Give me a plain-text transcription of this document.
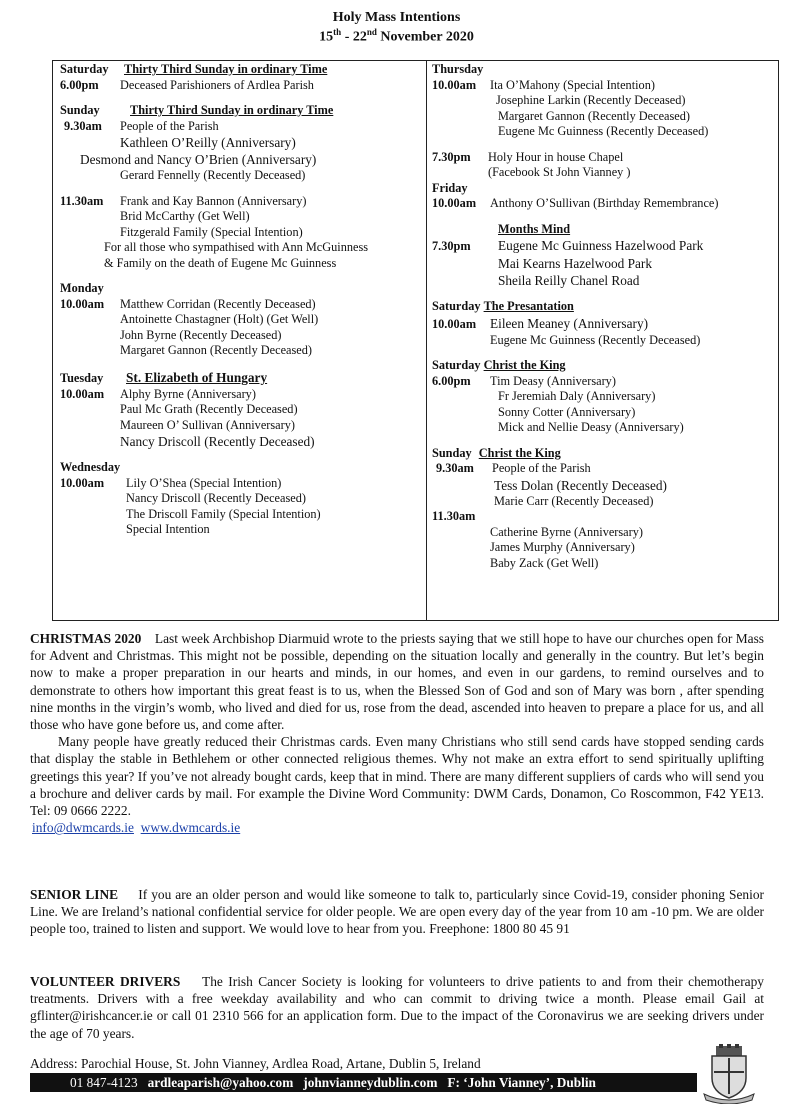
Holy Mass Intentions
15th - 22nd November 2020
Saturday Thirty Third Sunday in ordinary Time
6.00pm Deceased Parishioners of Ardlea Parish
Sunday Thirty Third Sunday in ordinary Time
9.30am People of the Parish
Kathleen O’Reilly (Anniversary)
Desmond and Nancy O’Brien (Anniversary)
Gerard Fennelly (Recently Deceased)
11.30am Frank and Kay Bannon (Anniversary)
Brid McCarthy (Get Well)
Fitzgerald Family (Special Intention)
For all those who sympathised with Ann McGuinness
& Family on the death of Eugene Mc Guinness
Monday
10.00am Matthew Corridan (Recently Deceased)
Antoinette Chastagner (Holt) (Get Well)
John Byrne (Recently Deceased)
Margaret Gannon (Recently Deceased)
Tuesday St. Elizabeth of Hungary
10.00am Alphy Byrne (Anniversary)
Paul Mc Grath (Recently Deceased)
Maureen O’ Sullivan (Anniversary)
Nancy Driscoll (Recently Deceased)
Wednesday
10.00am Lily O’Shea (Special Intention)
Nancy Driscoll (Recently Deceased)
The Driscoll Family (Special Intention)
Special Intention
Thursday
10.00am Ita O’Mahony (Special Intention)
Josephine Larkin (Recently Deceased)
Margaret Gannon (Recently Deceased)
Eugene Mc Guinness (Recently Deceased)
7.30pm Holy Hour in house Chapel
(Facebook St John Vianney )
Friday
10.00am Anthony O’Sullivan (Birthday Remembrance)
Months Mind
7.30pm Eugene Mc Guinness Hazelwood Park
Mai Kearns Hazelwood Park
Sheila Reilly Chanel Road
Saturday The Presantation
10.00am Eileen Meaney (Anniversary)
Eugene Mc Guinness (Recently Deceased)
Saturday Christ the King
6.00pm Tim Deasy (Anniversary)
Fr Jeremiah Daly (Anniversary)
Sonny Cotter (Anniversary)
Mick and Nellie Deasy (Anniversary)
Sunday Christ the King
9.30am People of the Parish
Tess Dolan (Recently Deceased)
Marie Carr (Recently Deceased)
11.30am
Catherine Byrne (Anniversary)
James Murphy (Anniversary)
Baby Zack (Get Well)
CHRISTMAS 2020 Last week Archbishop Diarmuid wrote to the priests saying that we still hope to have our churches open for Mass for Advent and Christmas. This might not be possible, depending on the situation locally and generally in the country. But let’s begin now to make a proper preparation in our hearts and minds, in our homes, and even in our gardens, to remind ourselves and to demonstrate to others how important this great feast is to us, when the Blessed Son of God and son of Mary was born , after spending nine months in the virgin’s womb, who lived and died for us, rose from the dead, ascended into heaven to prepare a place for us, and all those who have gone before us, and come after.
Many people have greatly reduced their Christmas cards. Even many Christians who still send cards have stopped sending cards that display the stable in Bethlehem or other connected religious themes. Why not make an extra effort to send spiritually uplifting greetings this year? If you’ve not already bought cards, keep that in mind. There are many different suppliers of cards who will send you a brochure and deliver cards by mail. For example the Divine Word Community: DWM Cards, Donamon, Co Roscommon, F42 YE13. Tel: 09 0666 2222.
info@dwmcards.ie www.dwmcards.ie
SENIOR LINE If you are an older person and would like someone to talk to, particularly since Covid-19, consider phoning Senior Line. We are Ireland’s national confidential service for older people. We are open every day of the year from 10 am -10 pm. We are older people too, trained to listen and support. We would love to hear from you. Freephone: 1800 80 45 91
VOLUNTEER DRIVERS The Irish Cancer Society is looking for volunteers to drive patients to and from their chemotherapy treatments. Drivers with a free weekday availability and who can commit to driving twice a month. Please email Gail at gflinter@irishcancer.ie or call 01 2310 566 for an application form. Due to the impact of the Coronavirus we are seeking drivers under the age of 70 years.
Address: Parochial House, St. John Vianney, Ardlea Road, Artane, Dublin 5, Ireland
01 847-4123 ardleaparish@yahoo.com johnvianneydublin.com F: ‘John Vianney’, Dublin
